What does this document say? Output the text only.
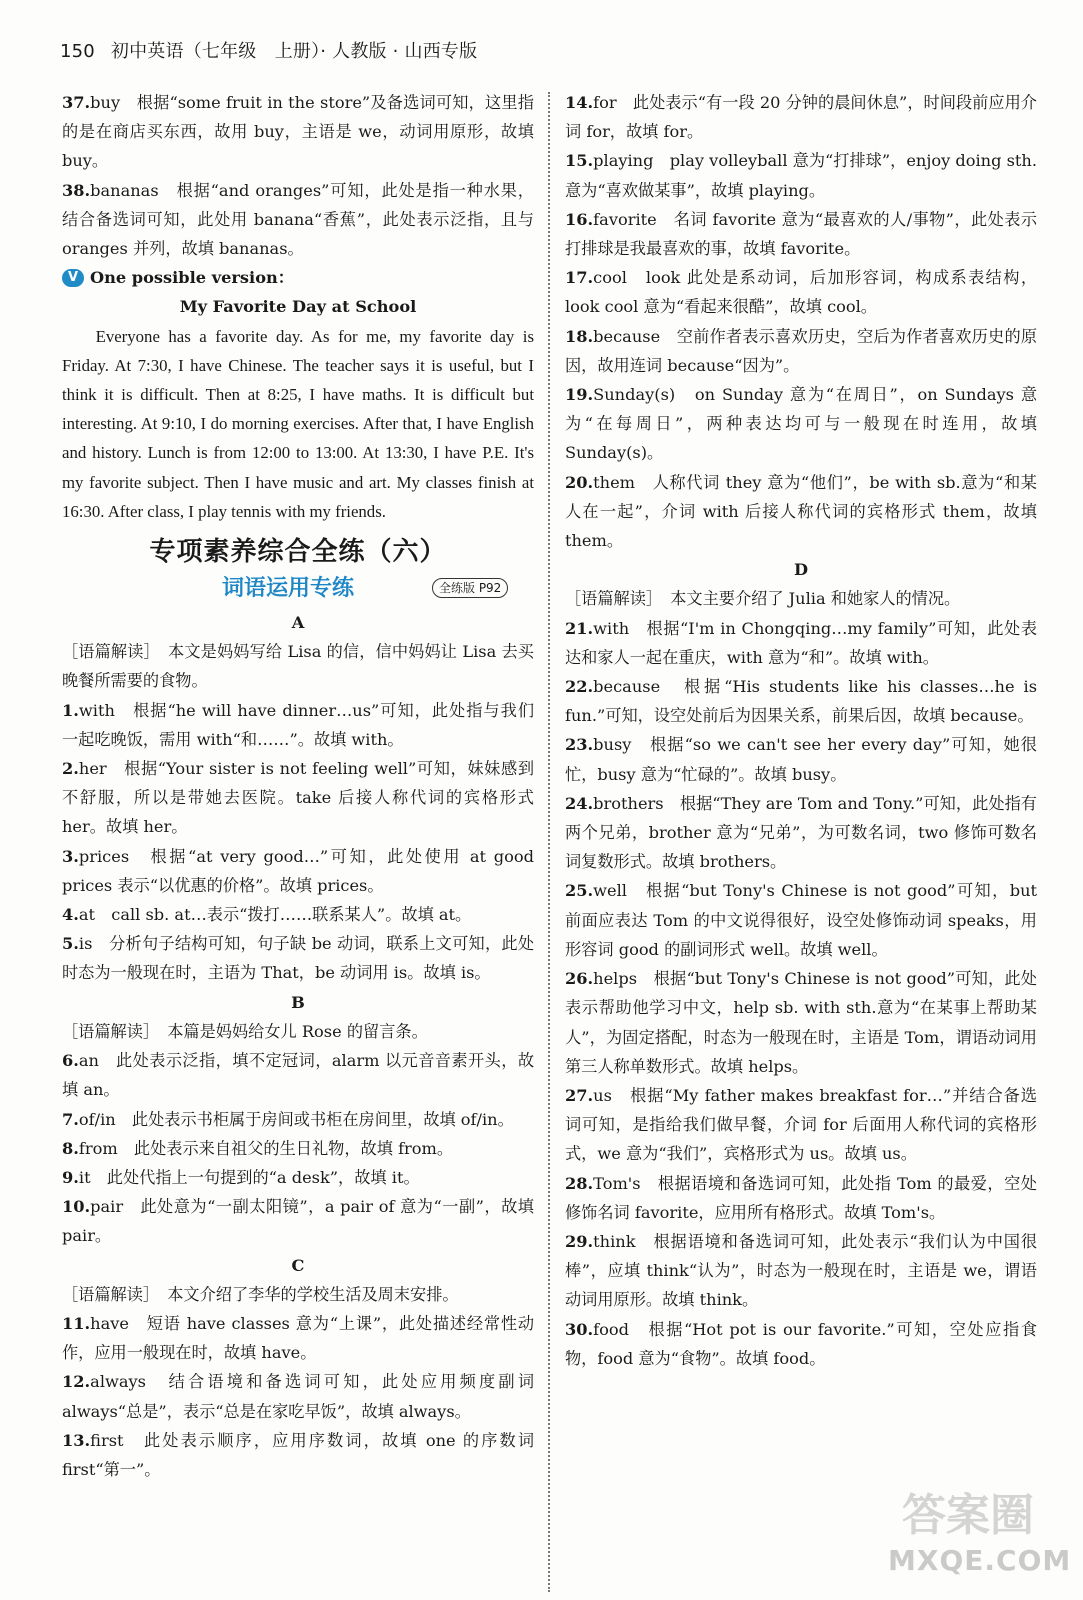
150 初中英语（七年级　上册）· 人教版 · 山西专版
37.buy　 根据“some fruit in the store”及备选词可知，这里指的是在商店买东西，故用 buy，主语是 we，动词用原形，故填 buy。
38.bananas　 根据“and oranges”可知，此处是指一种水果，结合备选词可知，此处用 banana“香蕉”，此处表示泛指，且与 oranges 并列，故填 bananas。
V One possible version：
My Favorite Day at School
Everyone has a favorite day. As for me, my favorite day is Friday. At 7:30, I have Chinese. The teacher says it is useful, but I think it is difficult. Then at 8:25, I have maths. It is difficult but interesting. At 9:10, I do morning exercises. After that, I have English and history. Lunch is from 12:00 to 13:00. At 13:30, I have P.E. It's my favorite subject. Then I have music and art. My classes finish at 16:30. After class, I play tennis with my friends.
专项素养综合全练（六）
词语运用专练	全练版 P92
A
［语篇解读］　本文是妈妈写给 Lisa 的信，信中妈妈让 Lisa 去买晚餐所需要的食物。
1.with　 根据“he will have dinner…us”可知，此处指与我们一起吃晚饭，需用 with“和……”。故填 with。
2.her　 根据“Your sister is not feeling well”可知，妹妹感到不舒服，所以是带她去医院。take 后接人称代词的宾格形式 her。故填 her。
3.prices　 根据“at very good…”可知，此处使用 at good prices 表示“以优惠的价格”。故填 prices。
4.at　 call sb. at…表示“拨打……联系某人”。故填 at。
5.is　 分析句子结构可知，句子缺 be 动词，联系上文可知，此处时态为一般现在时，主语为 That，be 动词用 is。故填 is。
B
［语篇解读］　本篇是妈妈给女儿 Rose 的留言条。
6.an　 此处表示泛指，填不定冠词，alarm 以元音音素开头，故填 an。
7.of/in　 此处表示书柜属于房间或书柜在房间里，故填 of/in。
8.from　 此处表示来自祖父的生日礼物，故填 from。
9.it　 此处代指上一句提到的“a desk”，故填 it。
10.pair　 此处意为“一副太阳镜”，a pair of 意为“一副”，故填 pair。
C
［语篇解读］　本文介绍了李华的学校生活及周末安排。
11.have　 短语 have classes 意为“上课”，此处描述经常性动作，应用一般现在时，故填 have。
12.always　 结合语境和备选词可知，此处应用频度副词 always“总是”，表示“总是在家吃早饭”，故填 always。
13.first　 此处表示顺序，应用序数词，故填 one 的序数词 first“第一”。
14.for　 此处表示“有一段 20 分钟的晨间休息”，时间段前应用介词 for，故填 for。
15.playing　 play volleyball 意为“打排球”，enjoy doing sth.意为“喜欢做某事”，故填 playing。
16.favorite　 名词 favorite 意为“最喜欢的人/事物”，此处表示打排球是我最喜欢的事，故填 favorite。
17.cool　 look 此处是系动词，后加形容词，构成系表结构，look cool 意为“看起来很酷”，故填 cool。
18.because　 空前作者表示喜欢历史，空后为作者喜欢历史的原因，故用连词 because“因为”。
19.Sunday(s)　 on Sunday 意为“在周日”，on Sundays 意为“在每周日”，两种表达均可与一般现在时连用，故填 Sunday(s)。
20.them　 人称代词 they 意为“他们”，be with sb.意为“和某人在一起”，介词 with 后接人称代词的宾格形式 them，故填 them。
D
［语篇解读］　本文主要介绍了 Julia 和她家人的情况。
21.with　 根据“I'm in Chongqing…my family”可知，此处表达和家人一起在重庆，with 意为“和”。故填 with。
22.because　 根据“His students like his classes…he is fun.”可知，设空处前后为因果关系，前果后因，故填 because。
23.busy　 根据“so we can't see her every day”可知，她很忙，busy 意为“忙碌的”。故填 busy。
24.brothers　 根据“They are Tom and Tony.”可知，此处指有两个兄弟，brother 意为“兄弟”，为可数名词，two 修饰可数名词复数形式。故填 brothers。
25.well　 根据“but Tony's Chinese is not good”可知，but 前面应表达 Tom 的中文说得很好，设空处修饰动词 speaks，用形容词 good 的副词形式 well。故填 well。
26.helps　 根据“but Tony's Chinese is not good”可知，此处表示帮助他学习中文，help sb. with sth.意为“在某事上帮助某人”，为固定搭配，时态为一般现在时，主语是 Tom，谓语动词用第三人称单数形式。故填 helps。
27.us　 根据“My father makes breakfast for…”并结合备选词可知，是指给我们做早餐，介词 for 后面用人称代词的宾格形式，we 意为“我们”，宾格形式为 us。故填 us。
28.Tom's　 根据语境和备选词可知，此处指 Tom 的最爱，空处修饰名词 favorite，应用所有格形式。故填 Tom's。
29.think　 根据语境和备选词可知，此处表示“我们认为中国很棒”，应填 think“认为”，时态为一般现在时，主语是 we，谓语动词用原形。故填 think。
30.food　 根据“Hot pot is our favorite.”可知，空处应指食物，food 意为“食物”。故填 food。
答案圈
MXQE.COM
